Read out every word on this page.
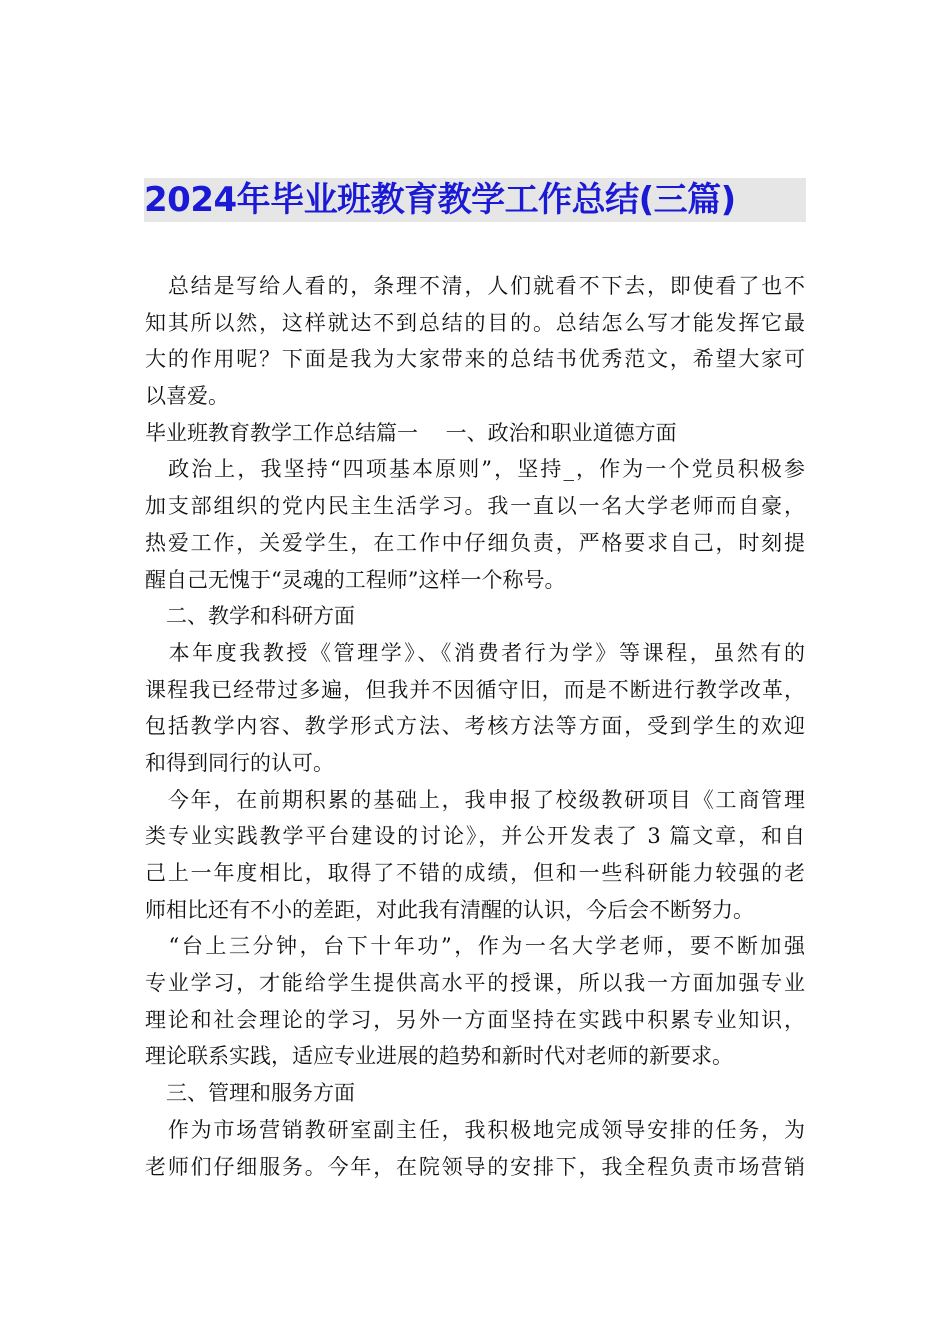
2024年毕业班教育教学工作总结(三篇)
　总结是写给人看的，条理不清，人们就看不下去，即使看了也不
知其所以然，这样就达不到总结的目的。总结怎么写才能发挥它最
大的作用呢？下面是我为大家带来的总结书优秀范文，希望大家可
以喜爱。
毕业班教育教学工作总结篇一　 一、政治和职业道德方面
　政治上，我坚持“四项基本原则”，坚持_，作为一个党员积极参
加支部组织的党内民主生活学习。我一直以一名大学老师而自豪，
热爱工作，关爱学生，在工作中仔细负责，严格要求自己，时刻提
醒自己无愧于“灵魂的工程师”这样一个称号。
　二、教学和科研方面
　本年度我教授《管理学》、《消费者行为学》等课程，虽然有的
课程我已经带过多遍，但我并不因循守旧，而是不断进行教学改革，
包括教学内容、教学形式方法、考核方法等方面，受到学生的欢迎
和得到同行的认可。
　今年，在前期积累的基础上，我申报了校级教研项目《工商管理
类专业实践教学平台建设的讨论》，并公开发表了 3 篇文章，和自
己上一年度相比，取得了不错的成绩，但和一些科研能力较强的老
师相比还有不小的差距，对此我有清醒的认识，今后会不断努力。
　“台上三分钟，台下十年功”，作为一名大学老师，要不断加强
专业学习，才能给学生提供高水平的授课，所以我一方面加强专业
理论和社会理论的学习，另外一方面坚持在实践中积累专业知识，
理论联系实践，适应专业进展的趋势和新时代对老师的新要求。
　三、管理和服务方面
　作为市场营销教研室副主任，我积极地完成领导安排的任务，为
老师们仔细服务。今年，在院领导的安排下，我全程负责市场营销
